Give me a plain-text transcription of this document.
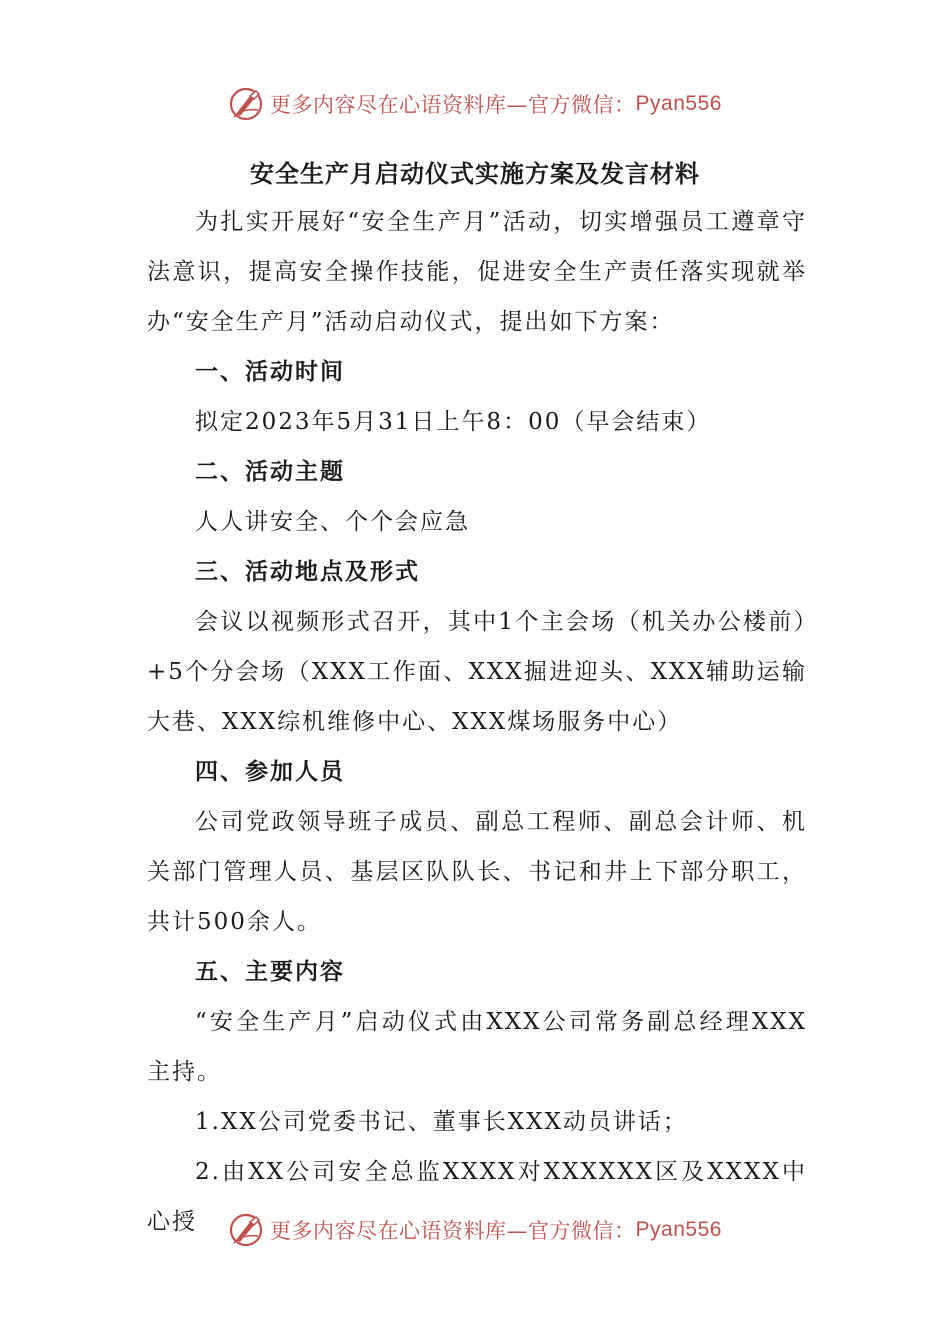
更多内容尽在心语资料库—官方微信： Pyan556
安全生产月启动仪式实施方案及发言材料

为扎实开展好“安全生产月”活动，切实增强员工遵章守法意识，提高安全操作技能，促进安全生产责任落实现就举办“安全生产月”活动启动仪式，提出如下方案：

一、活动时间

拟定2023年5月31日上午8：00（早会结束）

二、活动主题

人人讲安全、个个会应急

三、活动地点及形式

会议以视频形式召开，其中1个主会场（机关办公楼前）+5个分会场（XXX工作面、XXX掘进迎头、XXX辅助运输大巷、XXX综机维修中心、XXX煤场服务中心）

四、参加人员

公司党政领导班子成员、副总工程师、副总会计师、机关部门管理人员、基层区队队长、书记和井上下部分职工，共计500余人。

五、主要内容

“安全生产月”启动仪式由XXX公司常务副总经理XXX主持。

1.XX公司党委书记、董事长XXX动员讲话；

2.由XX公司安全总监XXXX对XXXXXX区及XXXX中心授	更多内容尽在心语资料库—官方微信： Pyan556
